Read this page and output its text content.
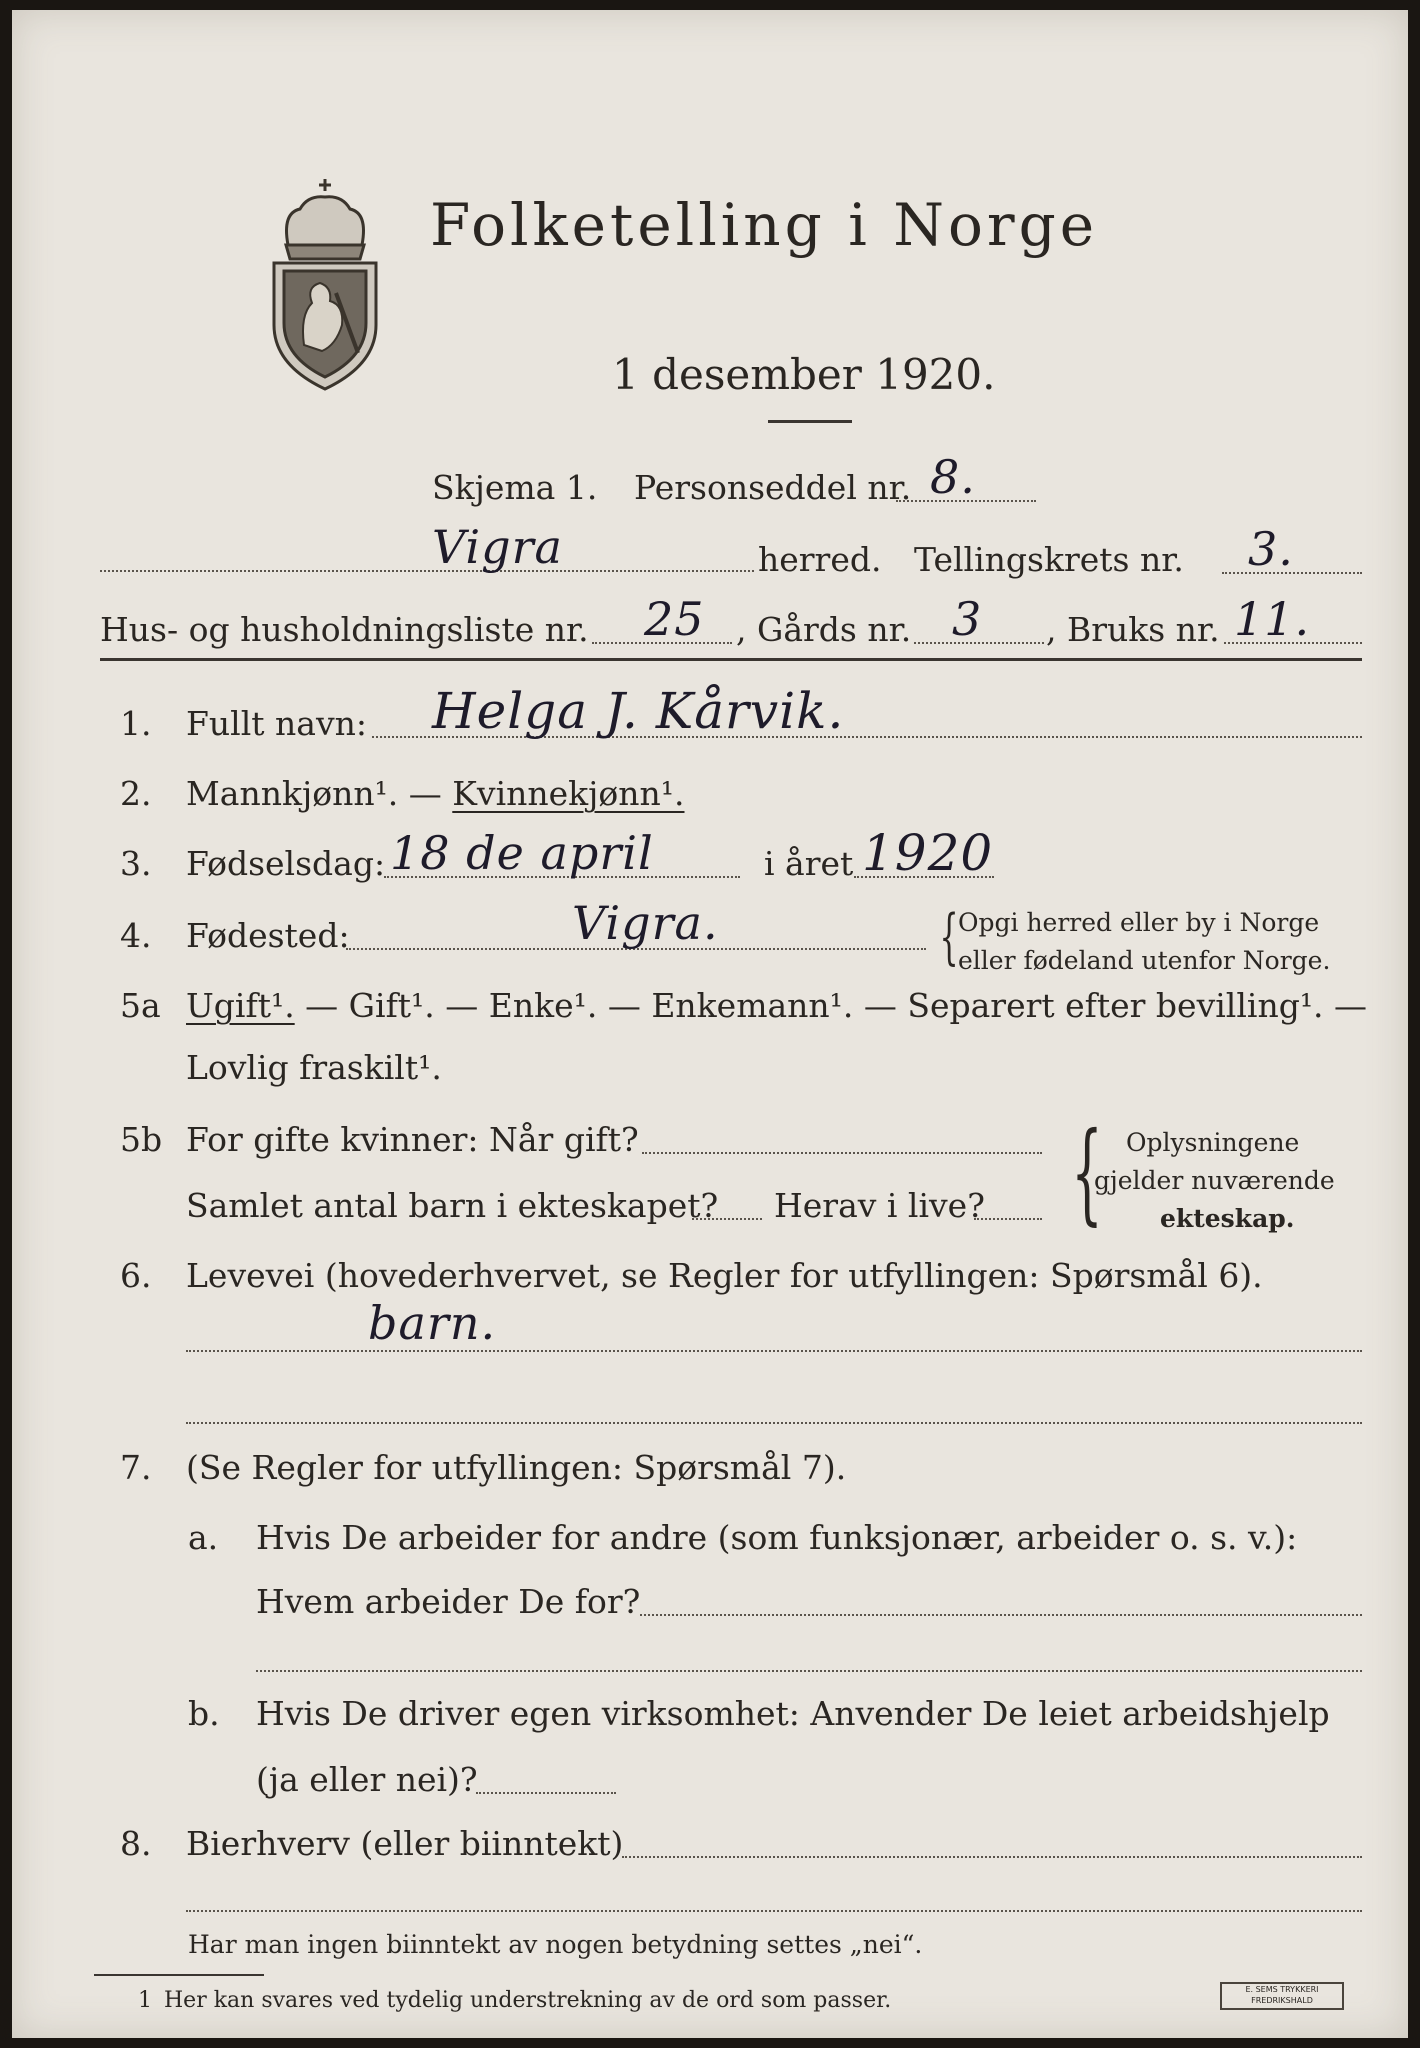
Folketelling i Norge
1 desember 1920.
Skjema 1. Personseddel nr. 8.
Vigra	herred. Tellingskrets nr. 3.
Hus- og husholdningsliste nr. 25 , Gårds nr. 3 , Bruks nr. 11.
1. Fullt navn: Helga J. Kårvik.
2. Mannkjønn¹. — Kvinnekjønn¹.
3. Fødselsdag: 18 de april	i året 1920
4. Fødested:	Vigra.	{ Opgi herred eller by i Norge
eller fødeland utenfor Norge.
5a Ugift¹. — Gift¹. — Enke¹. — Enkemann¹. — Separert efter bevilling¹. —
Lovlig fraskilt¹.
5b For gifte kvinner: Når gift?
Samlet antal barn i ekteskapet? Herav i live? { Oplysningene
gjelder nuværende
ekteskap.
6. Levevei (hovederhvervet, se Regler for utfyllingen: Spørsmål 6).
barn.
7. (Se Regler for utfyllingen: Spørsmål 7).
a. Hvis De arbeider for andre (som funksjonær, arbeider o. s. v.):
Hvem arbeider De for?
b. Hvis De driver egen virksomhet: Anvender De leiet arbeidshjelp
(ja eller nei)?
8. Bierhverv (eller biinntekt)
Har man ingen biinntekt av nogen betydning settes „nei“.
1 Her kan svares ved tydelig understrekning av de ord som passer.	E. SEMS TRYKKERI
FREDRIKSHALD
